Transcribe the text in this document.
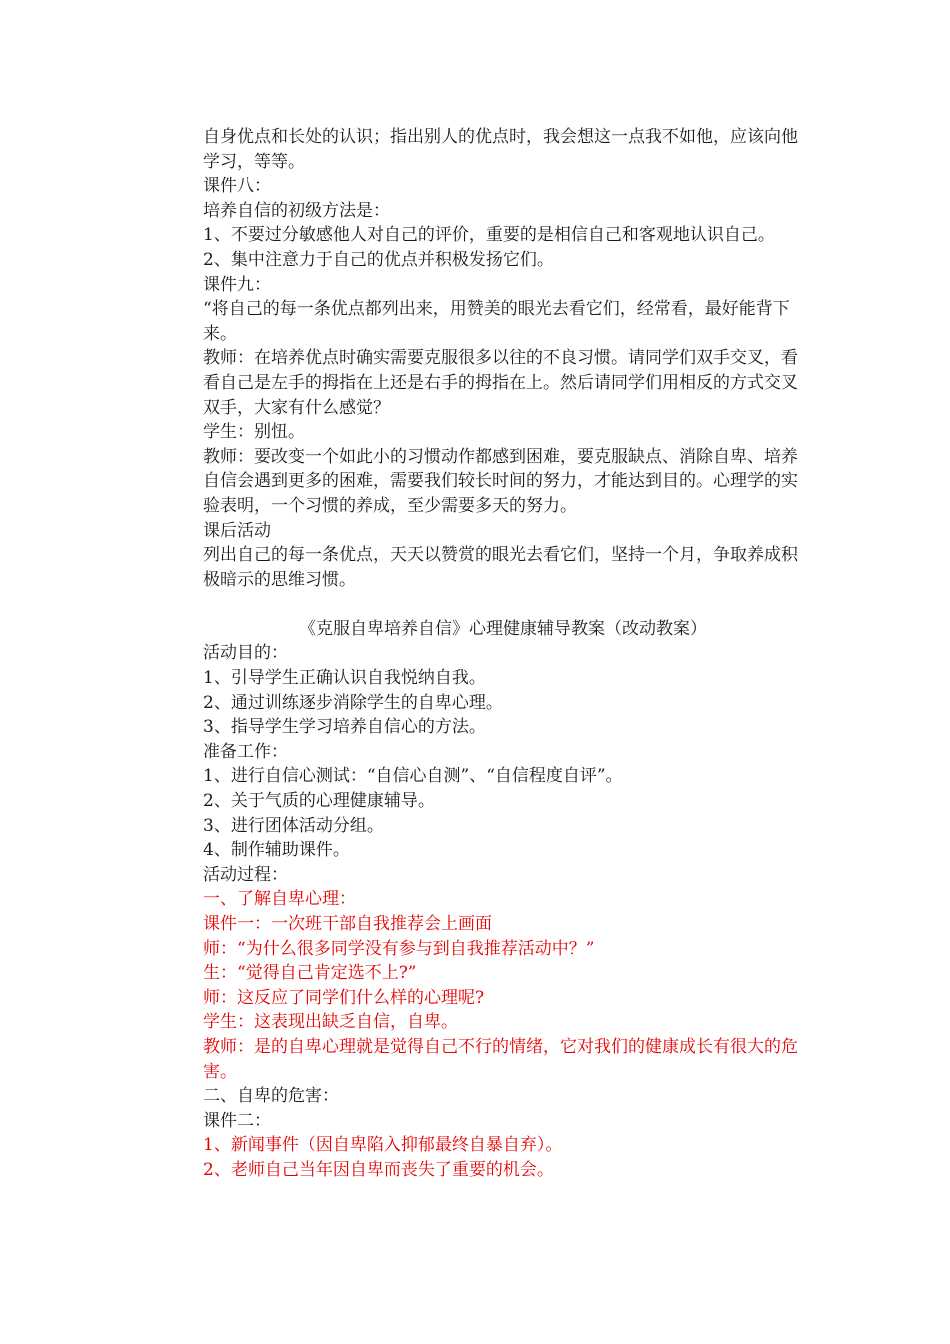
自身优点和长处的认识；指出别人的优点时，我会想这一点我不如他，应该向他学习，等等。

课件八：

培养自信的初级方法是：

1、不要过分敏感他人对自己的评价，重要的是相信自己和客观地认识自己。

2、集中注意力于自己的优点并积极发扬它们。

课件九：

“将自己的每一条优点都列出来，用赞美的眼光去看它们，经常看，最好能背下来。

教师：在培养优点时确实需要克服很多以往的不良习惯。请同学们双手交叉，看看自己是左手的拇指在上还是右手的拇指在上。然后请同学们用相反的方式交叉双手，大家有什么感觉？

学生：别忸。

教师：要改变一个如此小的习惯动作都感到困难，要克服缺点、消除自卑、培养自信会遇到更多的困难，需要我们较长时间的努力，才能达到目的。心理学的实验表明，一个习惯的养成，至少需要多天的努力。

课后活动

列出自己的每一条优点，天天以赞赏的眼光去看它们，坚持一个月，争取养成积极暗示的思维习惯。

《克服自卑培养自信》心理健康辅导教案（改动教案）

活动目的：

1、引导学生正确认识自我悦纳自我。

2、通过训练逐步消除学生的自卑心理。

3、指导学生学习培养自信心的方法。

准备工作：

1、进行自信心测试：“自信心自测”、“自信程度自评”。

2、关于气质的心理健康辅导。

3、进行团体活动分组。

4、制作辅助课件。

活动过程：

一、了解自卑心理：

课件一：一次班干部自我推荐会上画面

师：“为什么很多同学没有参与到自我推荐活动中？”

生：“觉得自己肯定选不上?”

师：这反应了同学们什么样的心理呢?

学生：这表现出缺乏自信，自卑。

教师：是的自卑心理就是觉得自己不行的情绪，它对我们的健康成长有很大的危害。

二、自卑的危害：

课件二：

1、新闻事件（因自卑陷入抑郁最终自暴自弃）。

2、老师自己当年因自卑而丧失了重要的机会。
